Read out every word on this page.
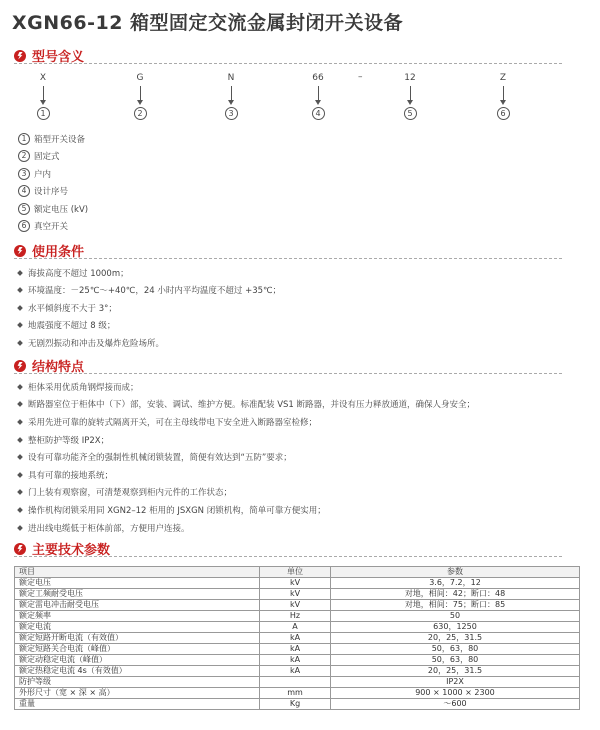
XGN66-12 箱型固定交流金属封闭开关设备
型号含义
X
1
G
2
N
3
66
4
–	12
5
Z
6
1 箱型开关设备
2 固定式
3 户内
4 设计序号
5 额定电压 (kV)
6 真空开关
使用条件
海拔高度不超过 1000m；
环境温度：－25℃～+40℃，24 小时内平均温度不超过 +35℃；
水平倾斜度不大于 3°；
地震强度不超过 8 级；
无剧烈振动和冲击及爆炸危险场所。
结构特点
柜体采用优质角钢焊接而成；
断路器室位于柜体中（下）部，安装、调试、维护方便。标准配装 VS1 断路器，并设有压力释放通道，确保人身安全；
采用先进可靠的旋转式隔离开关，可在主母线带电下安全进入断路器室检修；
整柜防护等级 IP2X；
设有可靠功能齐全的强制性机械闭锁装置，简便有效达到“五防”要求；
具有可靠的接地系统；
门上装有观察窗，可清楚观察到柜内元件的工作状态；
操作机构闭锁采用同 XGN2–12 柜用的 JSXGN 闭锁机构，简单可靠方便实用；
进出线电缆低于柜体前部，方便用户连接。
主要技术参数
项目	单位	参数
额定电压	kV	3.6，7.2，12
额定工频耐受电压	kV	对地，相间：42；断口：48
额定雷电冲击耐受电压	kV	对地，相间：75；断口：85
额定频率	Hz	50
额定电流	A	630，1250
额定短路开断电流（有效值）	kA	20，25，31.5
额定短路关合电流（峰值）	kA	50，63，80
额定动稳定电流（峰值）	kA	50，63，80
额定热稳定电流 4s（有效值）	kA	20，25，31.5
防护等级		IP2X
外形尺寸（宽 × 深 × 高）	mm	900 × 1000 × 2300
重量	Kg	～600
